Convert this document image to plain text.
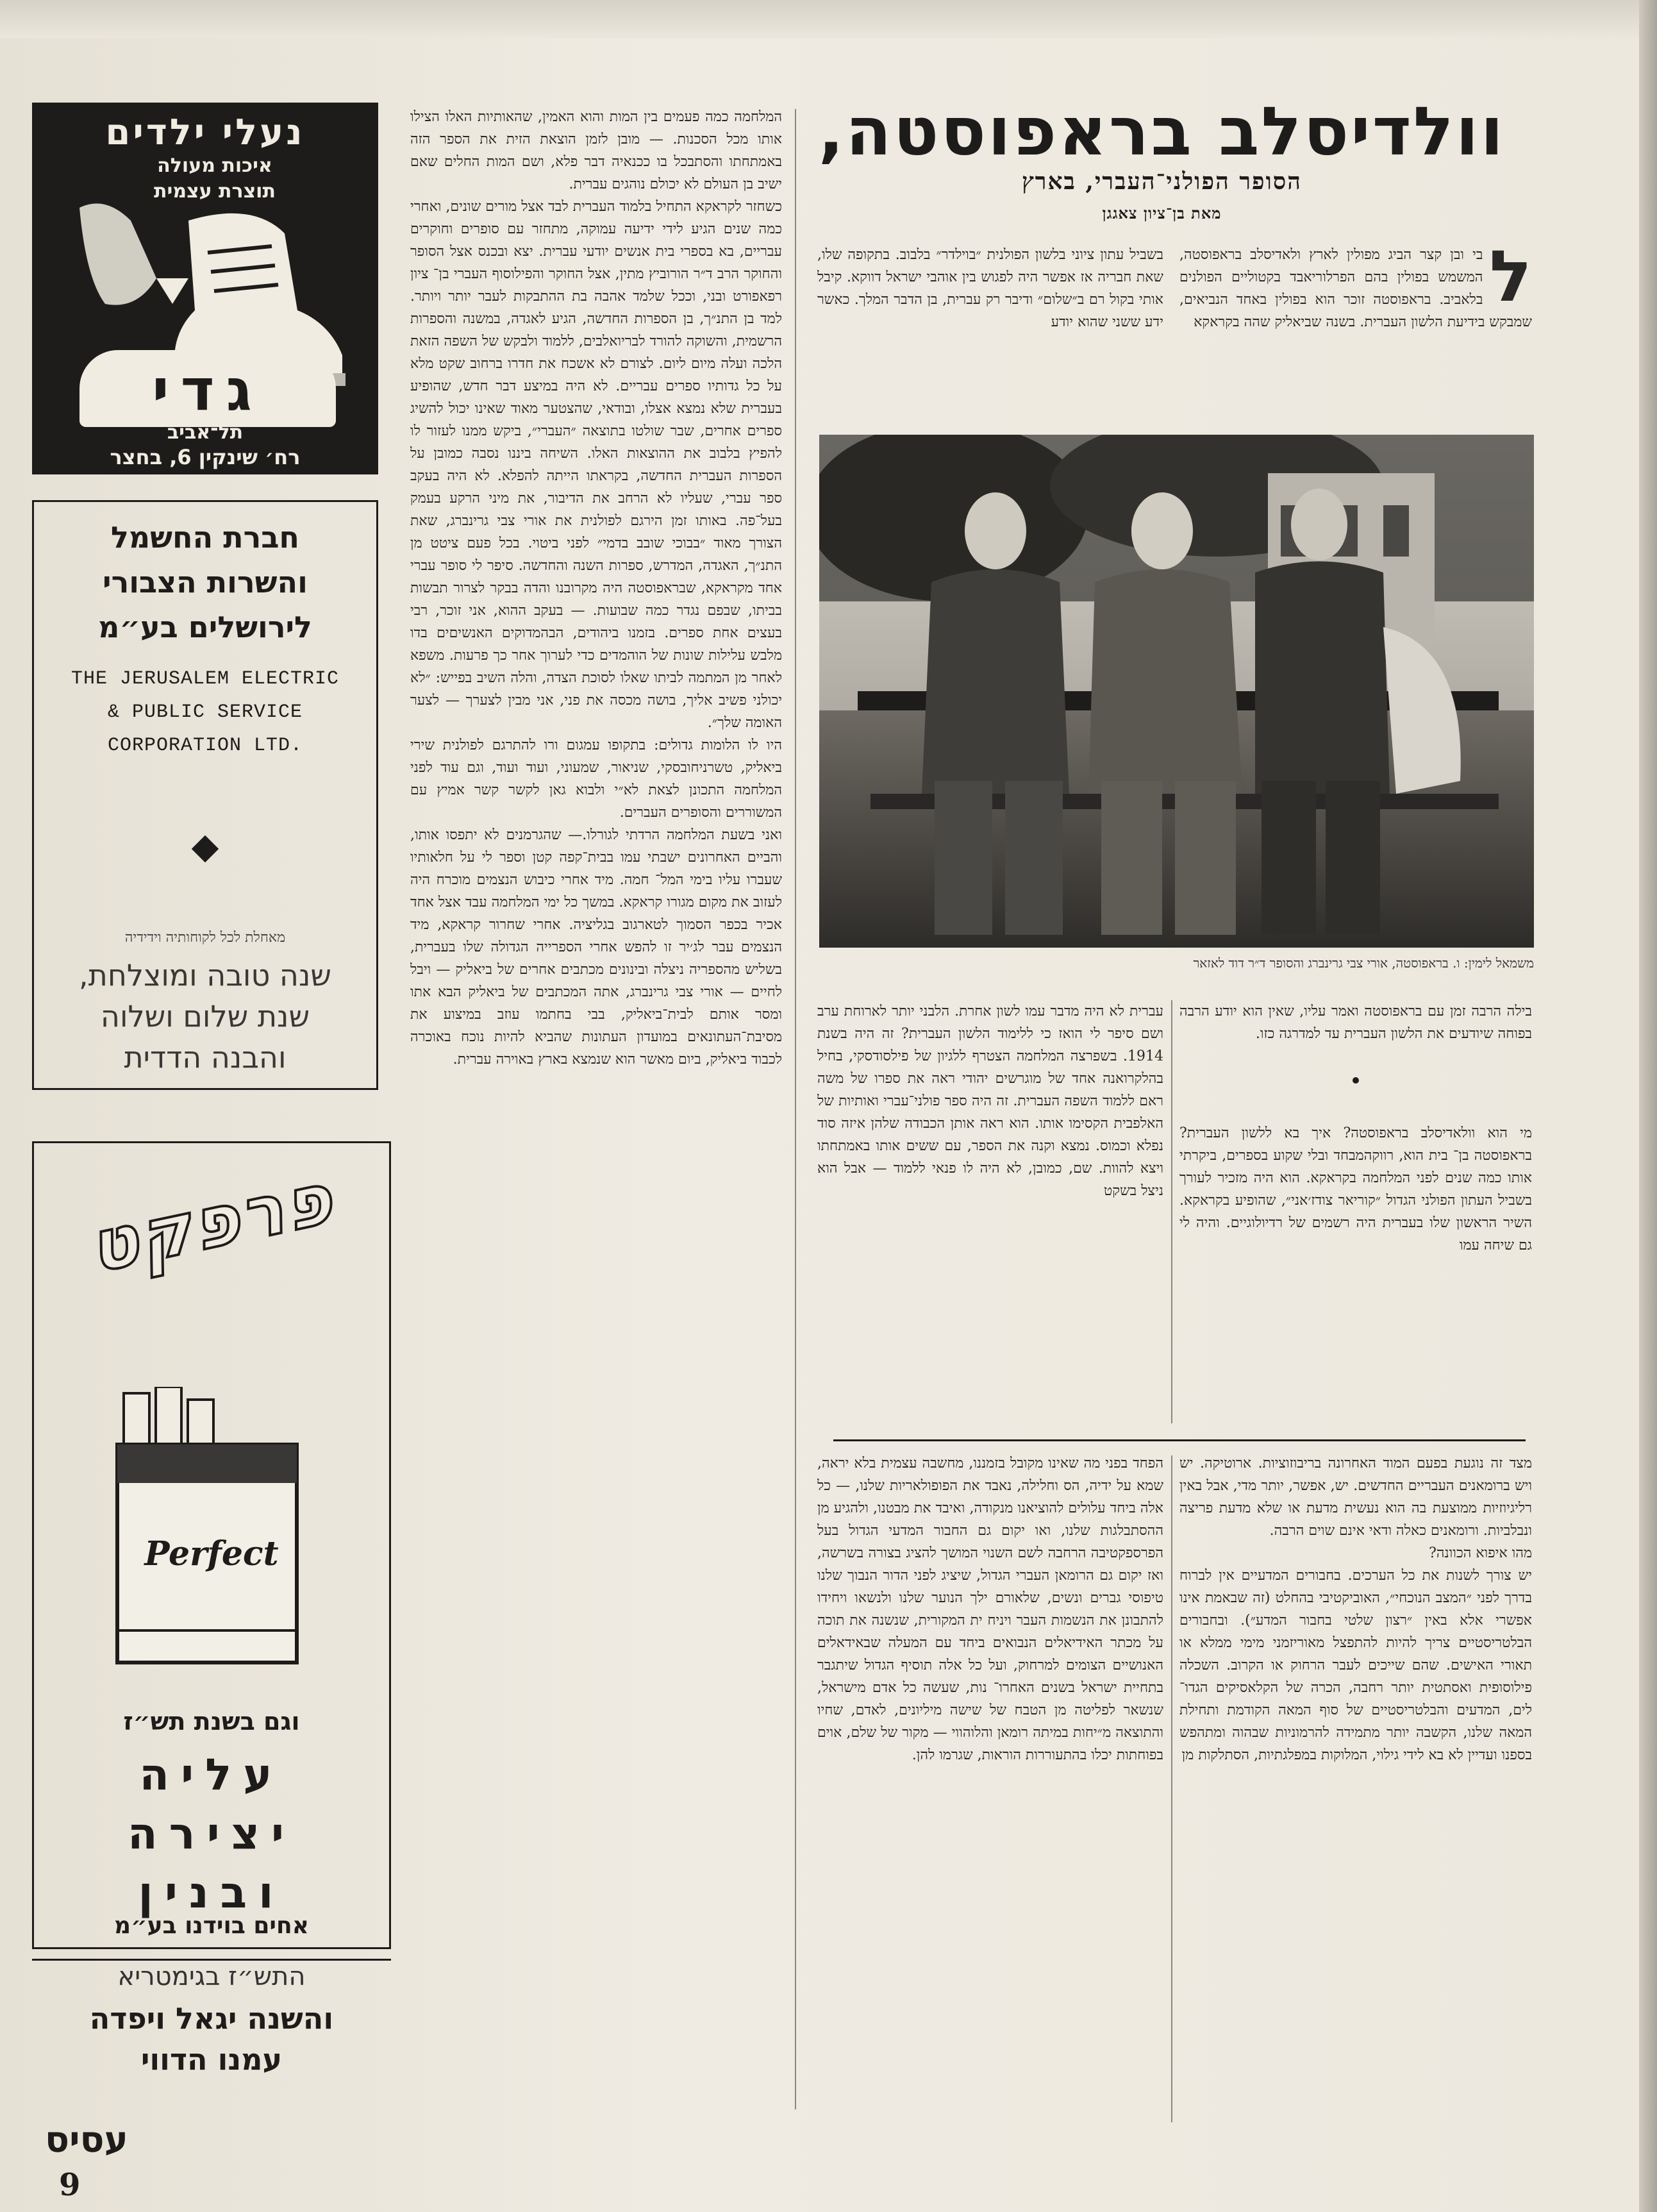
נעלי ילדים
איכות מעולה
תוצרת עצמית
גדי
תל־אביב
רח׳ שינקין 6, בחצר
חברת החשמל
והשרות הצבורי
לירושלים בע״מ
THE JERUSALEM ELECTRIC
& PUBLIC SERVICE
CORPORATION LTD.
מאחלת לכל לקוחותיה וידידיה
שנה טובה ומוצלחת,
שנת שלום ושלוה
והבנה הדדית
פרפקט
Perfect
וגם בשנת תש״ז
עליה
יצירה
ובנין
אחים בוידנו בע״מ
התש״ז בגימטריא
והשנה יגאל ויפדה
עמנו הדווי
עסיס
וולדיסלב בראפוסטה,
הסופר הפולני־העברי, בארץ
מאת בן־ציון צאגגן

המלחמה כמה פעמים בין המות והוא האמין, שהאותיות האלו הצילו אותו מכל הסכנות. — מובן לזמן הוצאת הזית את הספר הזה באמתחתו והסתבכל בו ככנאיה דבר פלא, ושם המות החלים שאם ישיב בן העולם לא יכולם נוהגים עברית.
כשחזר לקראקא התחיל בלמוד העברית לבד אצל מורים שונים, ואחרי כמה שנים הגיע לידי ידיעה עמוקה, מתחזר עם סופרים וחוקרים עבריים, בא בספרי בית אנשים יודעי עברית. יצא ובכנס אצל הסופר והחוקר הרב ד״ר הורוביץ מתין, אצל החוקר והפילוסוף העברי בן־ ציון רפאפורט ובני, וככל שלמד אהבה בת ההתבקות לעבר יותר ויותר. למד בן התנ״ך, בן הספרות החדשה, הגיע לאגדה, במשנה והספרות הרשמית, והשוקה להורד לבריואלבים, ללמוד ולבקש של השפה הזאת הלכה ועלה מיום ליום. לצורם לא אשכח את חדרו ברחוב שקט מלא על כל גדותיו ספרים עבריים. לא היה במיצע דבר חדש, שהופיע בעברית שלא נמצא אצלו, ובודאי, שהצטער מאוד שאינו יכול להשיג ספרים אחרים, שבר שולטו בתוצאה ״העברי״, ביקש ממנו לעזור לו להפיץ בלבוב את ההוצאות האלו. השיחה ביננו נסבה כמובן על הספרות העברית החדשה, בקראתו הייתה להפלא. לא היה בעקב ספר עברי, שעליו לא הרחב את הדיבור, את מיני הרקע בעמק בעל־פה. באותו זמן הירגם לפולנית את אורי צבי גרינברג, שאת הצורך מאוד ״בבוכי שובב בדמי״ לפני ביטוי. בכל פעם ציטט מן התנ״ך, האגדה, המדרש, ספרות השנה והחדשה. סיפר לי סופר עברי אחד מקראקא, שבראפוסטה היה מקרובנו והדה בבקר לצרור תבשות בביתו, שבפם נגדר כמה שבועות. — בעקב ההוא, אני זוכר, רבי בעצים אחת ספרים. בזמנו ביהודים, הבהמדוקים האנשיםים בדו מלבש עלילות שונות של הוהמדים כדי לערוך אחר כך פרעות. משפא לאחר מן המתמה לביתו שאלו לסוכת הצדה, והלה השיב בפייש: ״לא יכולני פשיב אליך, בושה מכסה את פני, אני מבין לצערך — לצער האומה שלך״.
היו לו הלומות גדולים: בתקופו עמגום ורו להתרגם לפולנית שירי ביאליק, טשרניחובסקי, שניאור, שמעוני, ועוד ועוד, וגם עוד לפני המלחמה התכונן לצאת לא״י ולבוא גאן לקשר קשר אמיץ עם המשוררים והסופרים העברים.
ואני בשעת המלחמה הרדתי לגורלו.— שהגרמנים לא יתפסו אותו, והביים האחרונים ישבתי עמו בבית־קפה קטן וספר לי על חלאותיו שעברו עליו בימי המל־ חמה. מיד אחרי כיבוש הנצמים מוכרח היה לעזוב את מקום מגורו קראקא. במשך כל ימי המלחמה עבד אצל אחד אכיר בכפר הסמוך לטארגוב בגליציה. אחרי שחרור קראקא, מיד הנצמים עבר לג׳יר זו להפש אחרי הספרייה הגדולה שלו בעברית, בשליש מהספריה ניצלה ובינונים מכתבים אחרים של ביאליק — ויבל לחיים — אורי צבי גרינברג, אתה המכתבים של ביאליק הבא אתו ומסר אותם לבית־ביאליק, בבי בחתמו עוזב במיצוע את מסיבת־העתונאים במועדון העתונות שהביא להיות נוכח באוכרה לכבוד ביאליק, ביום מאשר הוא שנמצא בארץ באוירה עברית.

ל

בי ובן קצר הביג מפולין לארץ ולאדיסלב בראפוסטה, המשמש בפולין בהם הפרלוריאבד בקטוליים הפולנים בלאביב. בראפוסטה זוכר הוא בפולין באחד הנביאים, שמבקש בידיעת הלשון העברית. בשנה שביאליק שהה בקראקא

בשביל עתון ציוני בלשון הפולנית ״בוילדר״ בלבוב. בתקופה שלו, שאת חבריה אז אפשר היה לפגוש בין אוהבי ישראל דווקא. קיבל אותי בקול רם ב״שלום״ ודיבר רק עברית, בן הדבר המלך. כאשר ידע ששני שהוא יודע

משמאל לימין: ו. בראפוסטה, אורי צבי גרינברג והסופר ד״ר דוד לאזאר

בילה הרבה זמן עם בראפוסטה ואמר עליו, שאין הוא יודע הרבה בפוחה שיודעים את הלשון העברית עד למדרגה כזו.

מי הוא וולאדיסלב בראפוסטה? איך בא ללשון העברית? בראפוסטה בן־ בית הוא, רווקהמבחד ובלי שקוע בספרים, ביקרתי אותו כמה שנים לפני המלחמה בקראקא. הוא היה מזכיר לעורך בשביל העתון הפולני הגדול ״קוריאר צודז׳אני״, שהופיע בקראקא. השיר הראשון שלו בעברית היה רשמים של רדיולוגיים. והיה לי גם שיחה עמו

עברית לא היה מדבר עמו לשון אחרת. הלבני יותר לארוחת ערב ושם סיפר לי הואז כי ללימוד הלשון העברית? זה היה בשנת 1914. בשפרצה המלחמה הצטרף ללגיון של פילסודסקי, בחיל בהלקרואנה אחד של מוגרשים יהודי ראה את ספרו של משה ראם ללמוד השפה העברית. זה היה ספר פולני־עברי ואותיות של האלפבית הקסימו אותו. הוא ראה אותן הכבודה שלהן איזה סוד נפלא וכמוס. נמצא וקנה את הספר, עם ששים אותו באמתחתו ויצא להוות. שם, כמובן, לא היה לו פנאי ללמוד — אבל הוא ניצל בשקט

מצד זה נוגעת בפעם המוד האחרונה בריבוזוציות. ארוטיקה. יש ויש ברומאנים העבריים החדשים. יש, אפשר, יותר מדי, אבל באין רליגיוזיות ממוצעת בה הוא נעשית מדעת או שלא מדעת פריצה ונבלביות. ורומאנים כאלה ודאי אינם שוים הרבה.
מהו איפוא הכוונה?
יש צורך לשנות את כל הערכים. בחבורים המדעיים אין לברוח בדרך לפני ״המצב הנוכחי״, האוביקטיבי בהחלט (זה שבאמת אינו אפשרי אלא באין ״רצון שלטי בחבור המדע״). ובחבורים הבלטריסטיים צריך להיות להתפצל מאוריזמני מימי ממלא או תאורי האישים. שהם שייכים לעבר הרחוק או הקרוב. השכלה פילוסופית ואסתטית יותר רחבה, הכרה של הקלאסיקים הגדו־ לים, המדעים והבלטריסטיים של סוף המאה הקודמת ותחילת המאה שלנו, הקשבה יותר מתמידה להרמוניות שבהוה ומתהפש בספנו ועדיין לא בא לידי גילוי, המלוקות במפלגתיות, הסתלקות מן

הפחד בפני מה שאינו מקובל בזמננו, מחשבה עצמית בלא יראה, שמא על ידיה, הס וחלילה, נאבד את הפופולאריות שלנו, — כל אלה ביחד עלולים להוציאנו מנקודה, ואיבד את מבטנו, ולהגיע מן ההסתבלגות שלנו, ואו יקום גם החבור המדעי הגדול בעל הפרספקטיבה הרחבה לשם השנוי המושך להציג בצורה בשרשה, ואז יקום גם הרומאן העברי הגדול, שיציג לפני הדור הנבוך שלנו טיפוסי גברים ונשים, שלאורם ילך הנוער שלנו ולנשאו ויחידו להתבונן את הנשמות העבר ויניח ית המקורית, שנשנה את תוכה על מכתר האידיאלים הנבואים ביחד עם המעלה שבאידאלים האנושיים הצומים למרחוק, ועל כל אלה תוסיף הגדול שיתגבר בתחיית ישראל בשנים האחרו־ נות, שעשה כל אדם מישראל, שנשאר לפליטה מן הטבח של שישה מיליונים, לאדם, שחיו והתוצאה מ״יחות במיתה רומאן והלוהווי — מקור של שלם, אוים בפוחתות יכלו בהתעוררות הוראות, שגרמו להן.

9
